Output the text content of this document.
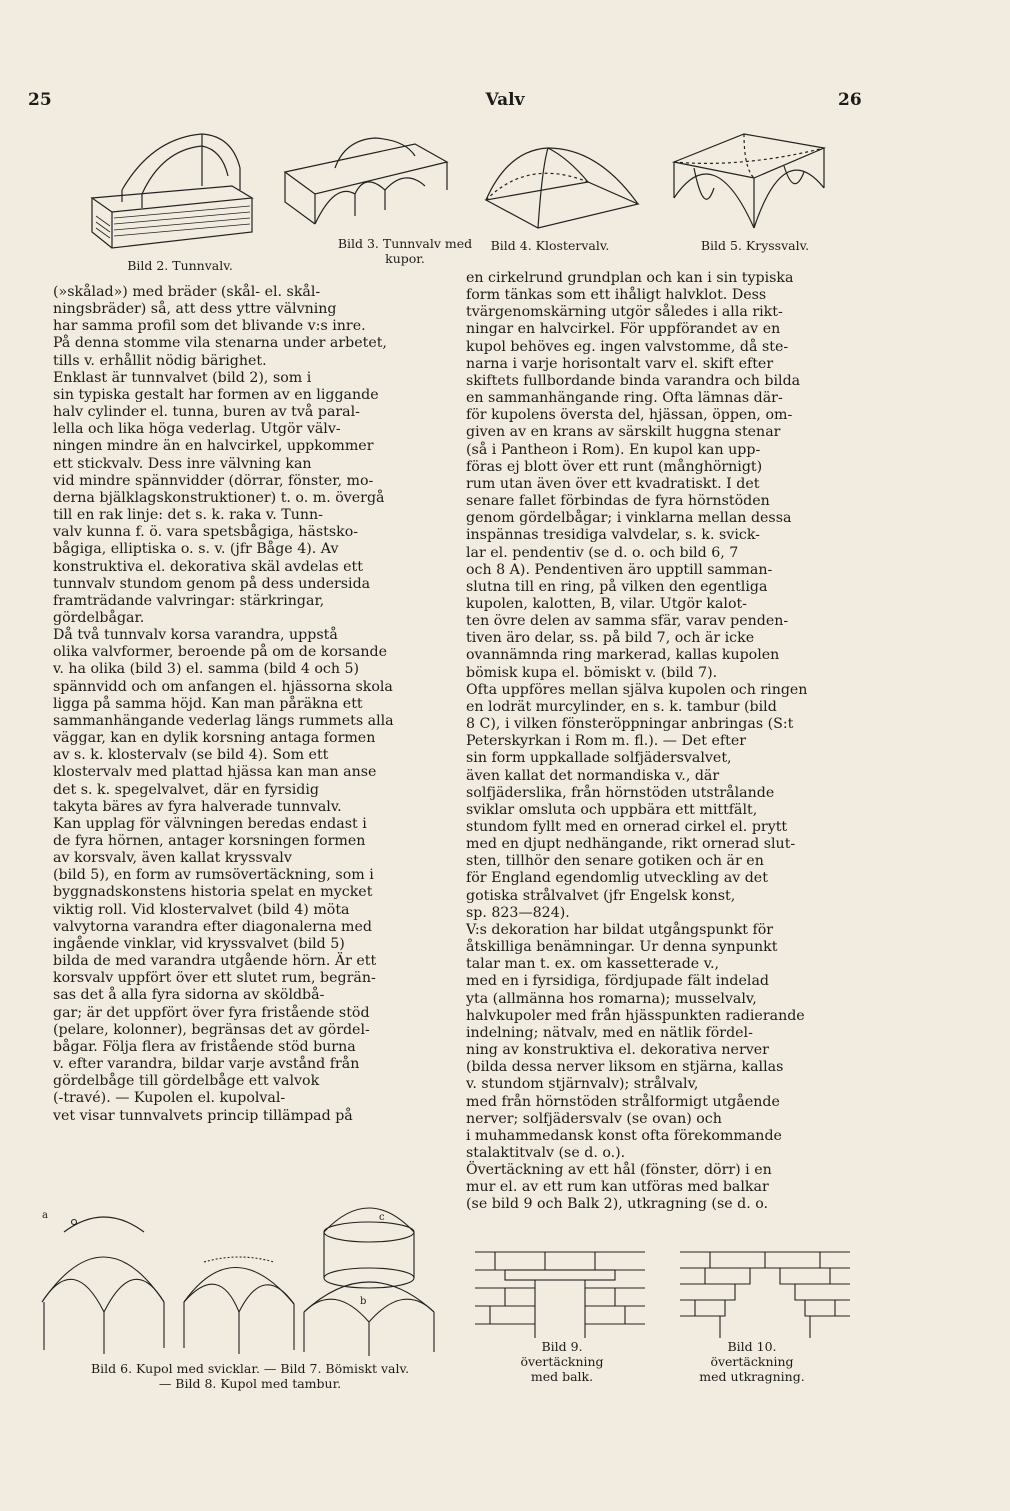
25	Valv	26
Bild 2. Tunnvalv.
Bild 3. Tunnvalv med
kupor.
Bild 4. Klostervalv.	Bild 5. Kryssvalv.
(»skålad») med bräder (skål- el. skål-
ningsbräder) så, att dess yttre välvning
har samma profil som det blivande v:s inre.
På denna stomme vila stenarna under arbetet,
tills v. erhållit nödig bärighet.
Enklast är tunnvalvet (bild 2), som i
sin typiska gestalt har formen av en liggande
halv cylinder el. tunna, buren av två paral-
lella och lika höga vederlag. Utgör välv-
ningen mindre än en halvcirkel, uppkommer
ett stickvalv. Dess inre välvning kan
vid mindre spännvidder (dörrar, fönster, mo-
derna bjälklagskonstruktioner) t. o. m. övergå
till en rak linje: det s. k. raka v. Tunn-
valv kunna f. ö. vara spetsbågiga, hästsko-
bågiga, elliptiska o. s. v. (jfr Båge 4). Av
konstruktiva el. dekorativa skäl avdelas ett
tunnvalv stundom genom på dess undersida
framträdande valvringar: stärkringar,
gördelbågar.
Då två tunnvalv korsa varandra, uppstå
olika valvformer, beroende på om de korsande
v. ha olika (bild 3) el. samma (bild 4 och 5)
spännvidd och om anfangen el. hjässorna skola
ligga på samma höjd. Kan man påräkna ett
sammanhängande vederlag längs rummets alla
väggar, kan en dylik korsning antaga formen
av s. k. klostervalv (se bild 4). Som ett
klostervalv med plattad hjässa kan man anse
det s. k. spegelvalvet, där en fyrsidig
takyta bäres av fyra halverade tunnvalv.
Kan upplag för välvningen beredas endast i
de fyra hörnen, antager korsningen formen
av korsvalv, även kallat kryssvalv
(bild 5), en form av rumsövertäckning, som i
byggnadskonstens historia spelat en mycket
viktig roll. Vid klostervalvet (bild 4) möta
valvytorna varandra efter diagonalerna med
ingående vinklar, vid kryssvalvet (bild 5)
bilda de med varandra utgående hörn. Är ett
korsvalv uppfört över ett slutet rum, begrän-
sas det å alla fyra sidorna av sköldbå-
gar; är det uppfört över fyra fristående stöd
(pelare, kolonner), begränsas det av gördel-
bågar. Följa flera av fristående stöd burna
v. efter varandra, bildar varje avstånd från
gördelbåge till gördelbåge ett valvok
(-travé). — Kupolen el. kupolval-
vet visar tunnvalvets princip tillämpad på
en cirkelrund grundplan och kan i sin typiska
form tänkas som ett ihåligt halvklot. Dess
tvärgenomskärning utgör således i alla rikt-
ningar en halvcirkel. För uppförandet av en
kupol behöves eg. ingen valvstomme, då ste-
narna i varje horisontalt varv el. skift efter
skiftets fullbordande binda varandra och bilda
en sammanhängande ring. Ofta lämnas där-
för kupolens översta del, hjässan, öppen, om-
given av en krans av särskilt huggna stenar
(så i Pantheon i Rom). En kupol kan upp-
föras ej blott över ett runt (månghörnigt)
rum utan även över ett kvadratiskt. I det
senare fallet förbindas de fyra hörnstöden
genom gördelbågar; i vinklarna mellan dessa
inspännas tresidiga valvdelar, s. k. svick-
lar el. pendentiv (se d. o. och bild 6, 7
och 8 A). Pendentiven äro upptill samman-
slutna till en ring, på vilken den egentliga
kupolen, kalotten, B, vilar. Utgör kalot-
ten övre delen av samma sfär, varav penden-
tiven äro delar, ss. på bild 7, och är icke
ovannämnda ring markerad, kallas kupolen
bömisk kupa el. bömiskt v. (bild 7).
Ofta uppföres mellan själva kupolen och ringen
en lodrät murcylinder, en s. k. tambur (bild
8 C), i vilken fönsteröppningar anbringas (S:t
Peterskyrkan i Rom m. fl.). — Det efter
sin form uppkallade solfjädersvalvet,
även kallat det normandiska v., där
solfjäderslika, från hörnstöden utstrålande
sviklar omsluta och uppbära ett mittfält,
stundom fyllt med en ornerad cirkel el. prytt
med en djupt nedhängande, rikt ornerad slut-
sten, tillhör den senare gotiken och är en
för England egendomlig utveckling av det
gotiska strålvalvet (jfr Engelsk konst,
sp. 823—824).
V:s dekoration har bildat utgångspunkt för
åtskilliga benämningar. Ur denna synpunkt
talar man t. ex. om kassetterade v.,
med en i fyrsidiga, fördjupade fält indelad
yta (allmänna hos romarna); musselvalv,
halvkupoler med från hjässpunkten radierande
indelning; nätvalv, med en nätlik fördel-
ning av konstruktiva el. dekorativa nerver
(bilda dessa nerver liksom en stjärna, kallas
v. stundom stjärnvalv); strålvalv,
med från hörnstöden strålformigt utgående
nerver; solfjädersvalv (se ovan) och
i muhammedansk konst ofta förekommande
stalaktitvalv (se d. o.).
Övertäckning av ett hål (fönster, dörr) i en
mur el. av ett rum kan utföras med balkar
(se bild 9 och Balk 2), utkragning (se d. o.
a	c
b
Bild 6. Kupol med svicklar. — Bild 7. Bömiskt valv.
— Bild 8. Kupol med tambur.
Bild 9.
övertäckning
med balk.
Bild 10.
övertäckning
med utkragning.
